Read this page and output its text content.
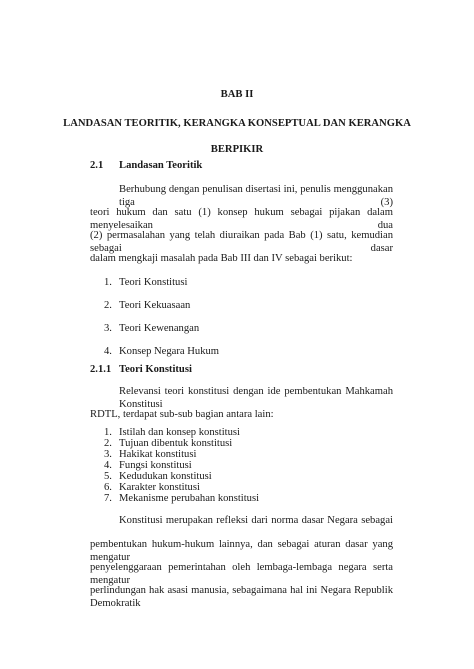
BAB II
LANDASAN TEORITIK, KERANGKA KONSEPTUAL DAN KERANGKA
BERPIKIR
2.1 Landasan Teoritik
Berhubung dengan penulisan disertasi ini, penulis menggunakan tiga (3)
teori hukum dan satu (1) konsep hukum sebagai pijakan dalam menyelesaikan dua
(2) permasalahan yang telah diuraikan pada Bab (1) satu, kemudian sebagai dasar
dalam mengkaji masalah pada Bab III dan IV sebagai berikut:
1. Teori Konstitusi
2. Teori Kekuasaan
3. Teori Kewenangan
4. Konsep Negara Hukum
2.1.1 Teori Konstitusi
Relevansi teori konstitusi dengan ide pembentukan Mahkamah Konstitusi
RDTL, terdapat sub-sub bagian antara lain:
1. Istilah dan konsep konstitusi
2. Tujuan dibentuk konstitusi
3. Hakikat konstitusi
4. Fungsi konstitusi
5. Kedudukan konstitusi
6. Karakter konstitusi
7. Mekanisme perubahan konstitusi
Konstitusi merupakan refleksi dari norma dasar Negara sebagai
pembentukan hukum-hukum lainnya, dan sebagai aturan dasar yang mengatur
penyelenggaraan pemerintahan oleh lembaga-lembaga negara serta mengatur
perlindungan hak asasi manusia, sebagaimana hal ini Negara Republik Demokratik
